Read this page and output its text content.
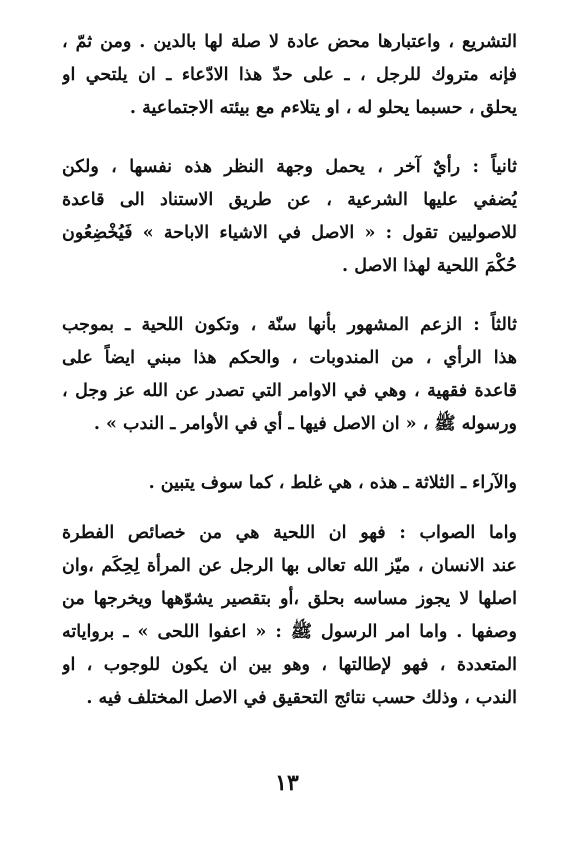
التشريع ، واعتبارها محض عادة لا صلة لها بالدين . ومن ثمّ ،
فإنه متروك للرجل ، ـ على حدّ هذا الادّعاء ـ ان يلتحي او
يحلق ، حسبما يحلو له ، او يتلاءم مع بيئته الاجتماعية .
ثانياً : رأيٌ آخر ، يحمل وجهة النظر هذه نفسها ، ولكن
يُضفي عليها الشرعية ، عن طريق الاستناد الى قاعدة
للاصوليين تقول : « الاصل في الاشياء الاباحة » فَيُخْضِعُون
حُكْمَ اللحية لهذا الاصل .
ثالثاً : الزعم المشهور بأنها سنّة ، وتكون اللحية ـ بموجب
هذا الرأي ، من المندوبات ، والحكم هذا مبني ايضاً على
قاعدة فقهية ، وهي في الاوامر التي تصدر عن الله عز وجل ،
ورسوله ﷺ ، « ان الاصل فيها ـ أي في الأوامر ـ الندب » .
والآراء ـ الثلاثة ـ هذه ، هي غلط ، كما سوف يتبين .
واما الصواب : فهو ان اللحية هي من خصائص الفطرة
عند الانسان ، ميّز الله تعالى بها الرجل عن المرأة لِحِكَم ،وان
اصلها لا يجوز مساسه بحلق ،أو بتقصير يشوّهها ويخرجها من
وصفها . واما امر الرسول ﷺ : « اعفوا اللحى » ـ برواياته
المتعددة ، فهو لإطالتها ، وهو بين ان يكون للوجوب ، او
الندب ، وذلك حسب نتائج التحقيق في الاصل المختلف فيه .
١٣
